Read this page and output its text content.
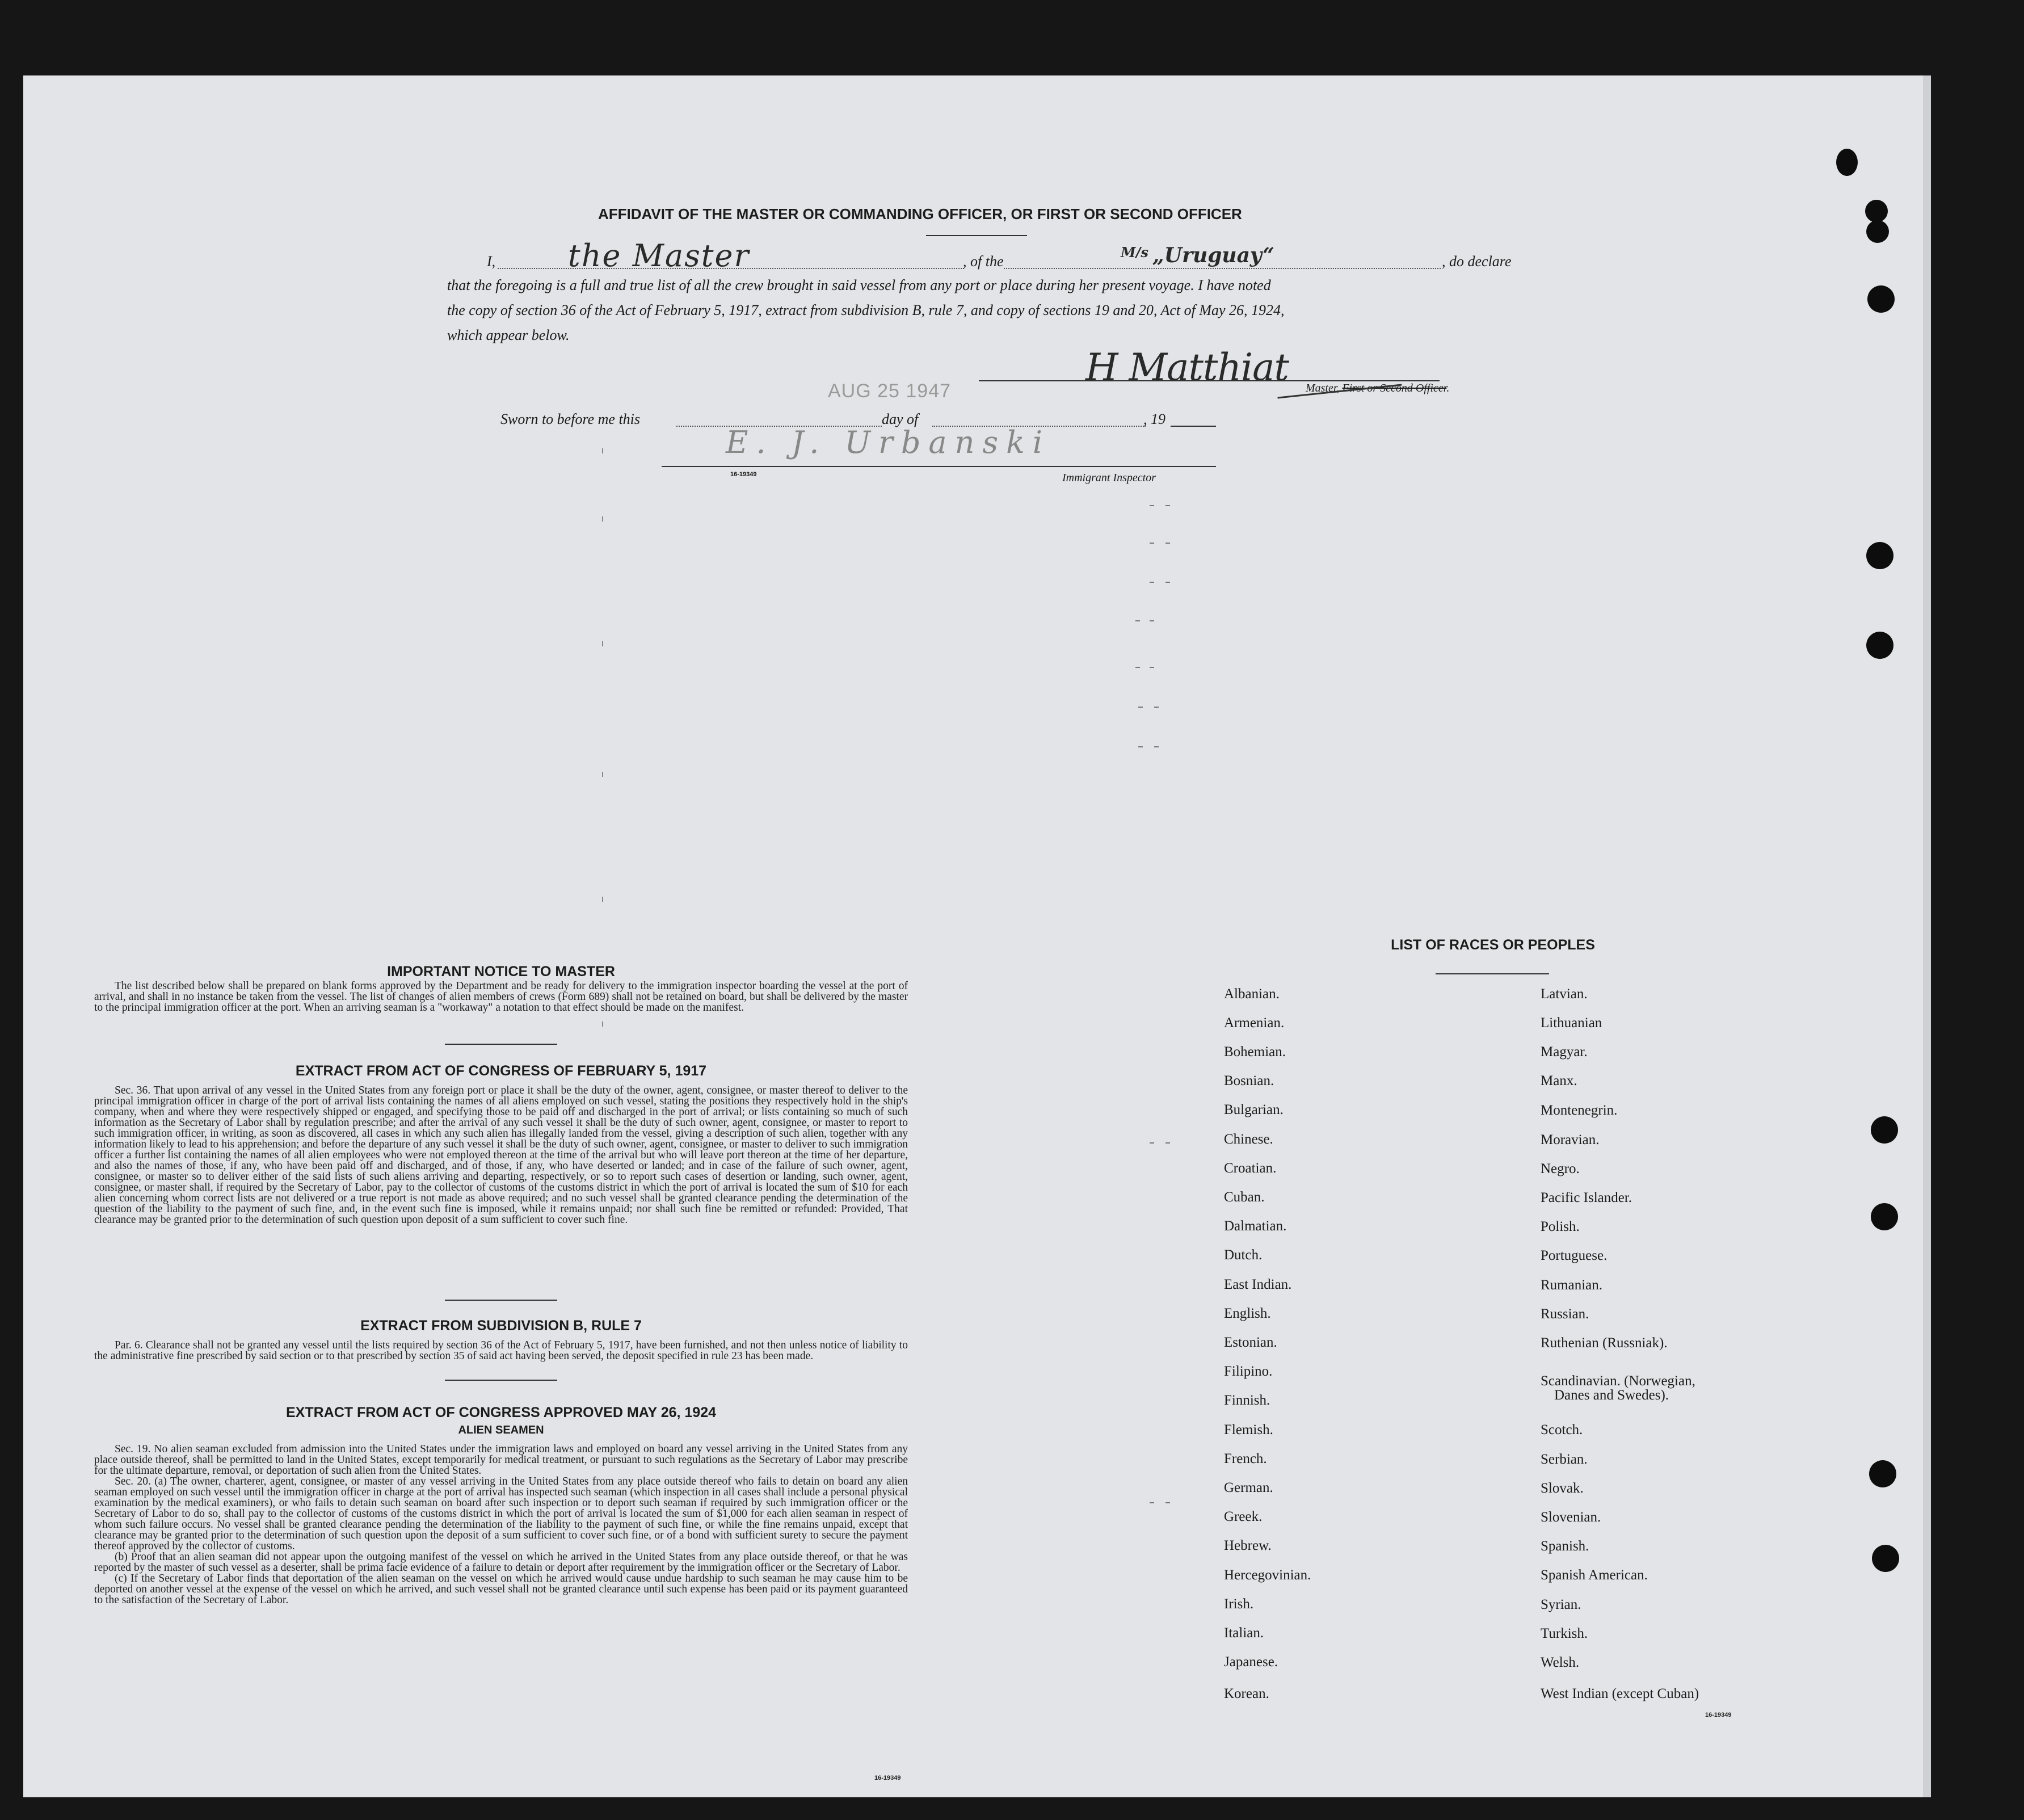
AFFIDAVIT OF THE MASTER OR COMMANDING OFFICER, OR FIRST OR SECOND OFFICER
I, the Master	, of the
M/s „Uruguay“	, do declare
that the foregoing is a full and true list of all the crew brought in said vessel from any port or place during her present voyage. I have noted
the copy of section 36 of the Act of February 5, 1917, extract from subdivision B, rule 7, and copy of sections 19 and 20, Act of May 26, 1924,
which appear below.
H Matthiat Master, First or Second Officer.
AUG 25 1947
Sworn to before me this	day of	, 19
E. J. Urbanski
16-19349	Immigrant Inspector
IMPORTANT NOTICE TO MASTER

The list described below shall be prepared on blank forms approved by the Department and be ready for delivery to the immigration inspector boarding the vessel at the port of arrival, and shall in no instance be taken from the vessel. The list of changes of alien members of crews (Form 689) shall not be retained on board, but shall be delivered by the master to the principal immigration officer at the port. When an arriving seaman is a "workaway" a notation to that effect should be made on the manifest.

EXTRACT FROM ACT OF CONGRESS OF FEBRUARY 5, 1917

Sec. 36. That upon arrival of any vessel in the United States from any foreign port or place it shall be the duty of the owner, agent, consignee, or master thereof to deliver to the principal immigration officer in charge of the port of arrival lists containing the names of all aliens employed on such vessel, stating the positions they respectively hold in the ship's company, when and where they were respectively shipped or engaged, and specifying those to be paid off and discharged in the port of arrival; or lists containing so much of such information as the Secretary of Labor shall by regulation prescribe; and after the arrival of any such vessel it shall be the duty of such owner, agent, consignee, or master to report to such immigration officer, in writing, as soon as discovered, all cases in which any such alien has illegally landed from the vessel, giving a description of such alien, together with any information likely to lead to his apprehension; and before the departure of any such vessel it shall be the duty of such owner, agent, consignee, or master to deliver to such immigration officer a further list containing the names of all alien employees who were not employed thereon at the time of the arrival but who will leave port thereon at the time of her departure, and also the names of those, if any, who have been paid off and discharged, and of those, if any, who have deserted or landed; and in case of the failure of such owner, agent, consignee, or master so to deliver either of the said lists of such aliens arriving and departing, respectively, or so to report such cases of desertion or landing, such owner, agent, consignee, or master shall, if required by the Secretary of Labor, pay to the collector of customs of the customs district in which the port of arrival is located the sum of $10 for each alien concerning whom correct lists are not delivered or a true report is not made as above required; and no such vessel shall be granted clearance pending the determination of the question of the liability to the payment of such fine, and, in the event such fine is imposed, while it remains unpaid; nor shall such fine be remitted or refunded: Provided, That clearance may be granted prior to the determination of such question upon deposit of a sum sufficient to cover such fine.

EXTRACT FROM SUBDIVISION B, RULE 7

Par. 6. Clearance shall not be granted any vessel until the lists required by section 36 of the Act of February 5, 1917, have been furnished, and not then unless notice of liability to the administrative fine prescribed by said section or to that prescribed by section 35 of said act having been served, the deposit specified in rule 23 has been made.

EXTRACT FROM ACT OF CONGRESS APPROVED MAY 26, 1924
ALIEN SEAMEN

Sec. 19. No alien seaman excluded from admission into the United States under the immigration laws and employed on board any vessel arriving in the United States from any place outside thereof, shall be permitted to land in the United States, except temporarily for medical treatment, or pursuant to such regulations as the Secretary of Labor may prescribe for the ultimate departure, removal, or deportation of such alien from the United States.

Sec. 20. (a) The owner, charterer, agent, consignee, or master of any vessel arriving in the United States from any place outside thereof who fails to detain on board any alien seaman employed on such vessel until the immigration officer in charge at the port of arrival has inspected such seaman (which inspection in all cases shall include a personal physical examination by the medical examiners), or who fails to detain such seaman on board after such inspection or to deport such seaman if required by such immigration officer or the Secretary of Labor to do so, shall pay to the collector of customs of the customs district in which the port of arrival is located the sum of $1,000 for each alien seaman in respect of whom such failure occurs. No vessel shall be granted clearance pending the determination of the liability to the payment of such fine, or while the fine remains unpaid, except that clearance may be granted prior to the determination of such question upon the deposit of a sum sufficient to cover such fine, or of a bond with sufficient surety to secure the payment thereof approved by the collector of customs.

(b) Proof that an alien seaman did not appear upon the outgoing manifest of the vessel on which he arrived in the United States from any place outside thereof, or that he was reported by the master of such vessel as a deserter, shall be prima facie evidence of a failure to detain or deport after requirement by the immigration officer or the Secretary of Labor.

(c) If the Secretary of Labor finds that deportation of the alien seaman on the vessel on which he arrived would cause undue hardship to such seaman he may cause him to be deported on another vessel at the expense of the vessel on which he arrived, and such vessel shall not be granted clearance until such expense has been paid or its payment guaranteed to the satisfaction of the Secretary of Labor.

16-19349
LIST OF RACES OR PEOPLES
Albanian.
Armenian.
Bohemian.
Bosnian.
Bulgarian.
Chinese.
Croatian.
Cuban.
Dalmatian.
Dutch.
East Indian.
English.
Estonian.
Filipino.
Finnish.
Flemish.
French.
German.
Greek.
Hebrew.
Hercegovinian.
Irish.
Italian.
Japanese.
Korean.
Latvian.
Lithuanian
Magyar.
Manx.
Montenegrin.
Moravian.
Negro.
Pacific Islander.
Polish.
Portuguese.
Rumanian.
Russian.
Ruthenian (Russniak).
Scandinavian. (Norwegian,
Danes and Swedes).
Scotch.
Serbian.
Slovak.
Slovenian.
Spanish.
Spanish American.
Syrian.
Turkish.
Welsh.
West Indian (except Cuban)
16-19349
